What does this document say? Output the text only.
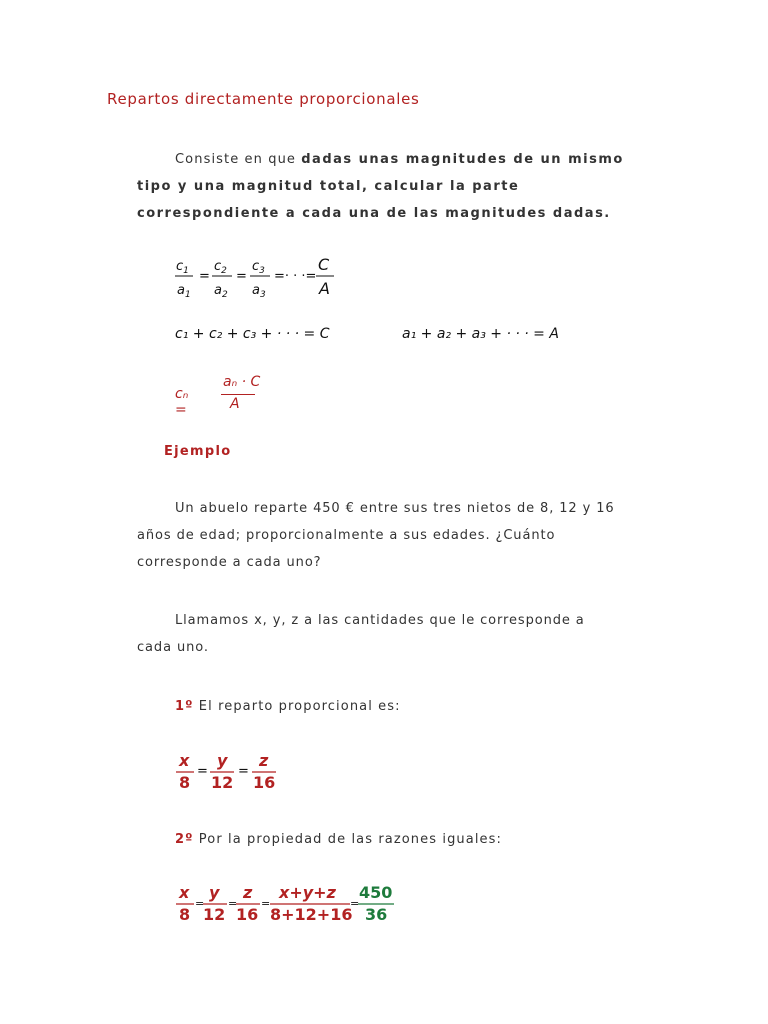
Repartos directamente proporcionales
Consiste en que dadas unas magnitudes de un mismo
tipo y una magnitud total, calcular la parte
correspondiente a cada una de las magnitudes dadas.
$c_1$
$a_1$
=
$c_2$
$a_2$
=
$c_3$
$a_3$
=· · ·=
C
A
c₁ + c₂ + c₃ + · · · = C	a₁ + a₂ + a₃ + · · · = A
cₙ =
aₙ · C
A
Ejemplo
Un abuelo reparte 450 € entre sus tres nietos de 8, 12 y 16
años de edad; proporcionalmente a sus edades. ¿Cuánto
corresponde a cada uno?
Llamamos x, y, z a las cantidades que le corresponde a
cada uno.
1º El reparto proporcional es:
x
8
=
y
12
=
z
16
2º Por la propiedad de las razones iguales:
x
8
=
y
12
=
z
16
=
x+y+z
8+12+16
=
450
36
